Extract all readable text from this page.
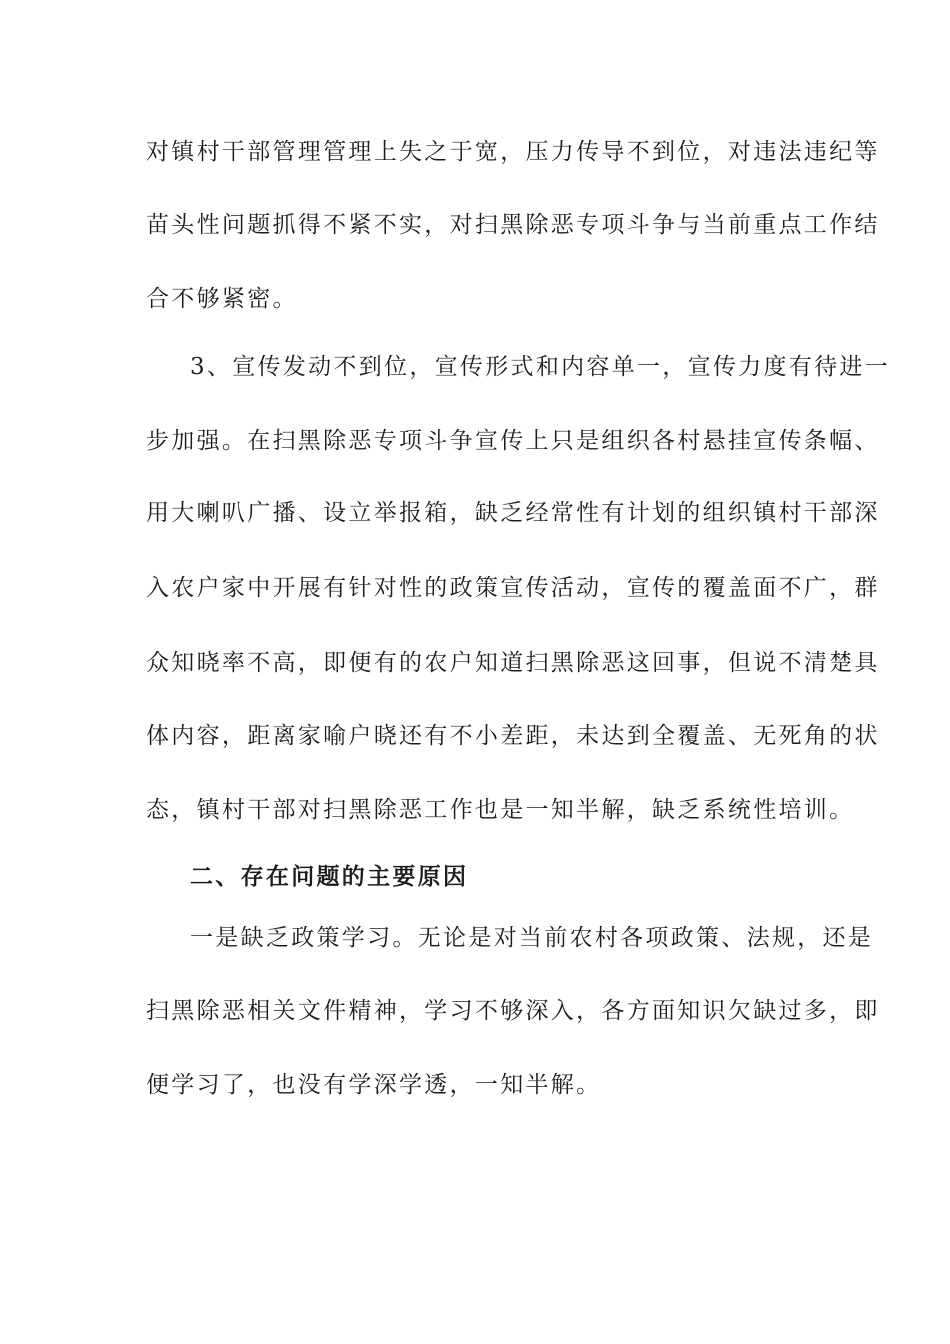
对镇村干部管理管理上失之于宽，压力传导不到位，对违法违纪等
苗头性问题抓得不紧不实，对扫黑除恶专项斗争与当前重点工作结
合不够紧密。
3、宣传发动不到位，宣传形式和内容单一，宣传力度有待进一
步加强。在扫黑除恶专项斗争宣传上只是组织各村悬挂宣传条幅、
用大喇叭广播、设立举报箱，缺乏经常性有计划的组织镇村干部深
入农户家中开展有针对性的政策宣传活动，宣传的覆盖面不广，群
众知晓率不高，即便有的农户知道扫黑除恶这回事，但说不清楚具
体内容，距离家喻户晓还有不小差距，未达到全覆盖、无死角的状
态，镇村干部对扫黑除恶工作也是一知半解，缺乏系统性培训。
二、存在问题的主要原因
一是缺乏政策学习。无论是对当前农村各项政策、法规，还是
扫黑除恶相关文件精神，学习不够深入，各方面知识欠缺过多，即
便学习了，也没有学深学透，一知半解。
